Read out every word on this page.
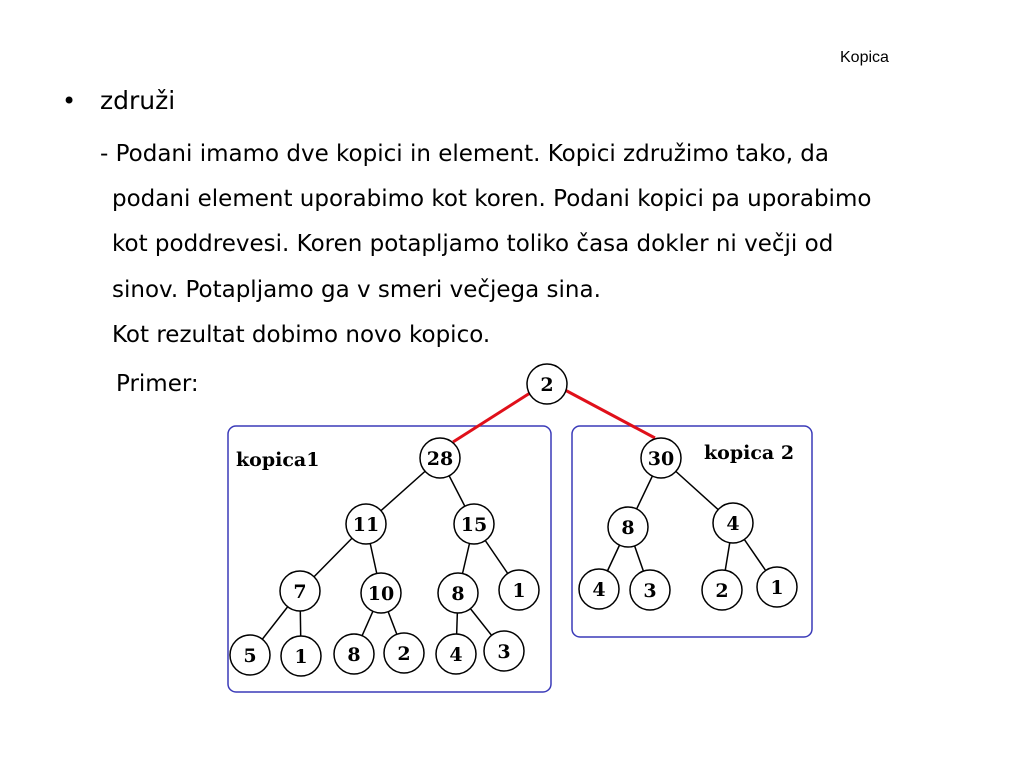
Kopica
• združi
- Podani imamo dve kopici in element. Kopici združimo tako, da
podani element uporabimo kot koren. Podani kopici pa uporabimo
kot poddrevesi. Koren potapljamo toliko časa dokler ni večji od
sinov. Potapljamo ga v smeri večjega sina.
Kot rezultat dobimo novo kopico.
Primer:
kopica1	kopica 2
2
28
11	15
7	10	8	1
5 1 8 2 4 3
30
8	4
4 3	2 1
